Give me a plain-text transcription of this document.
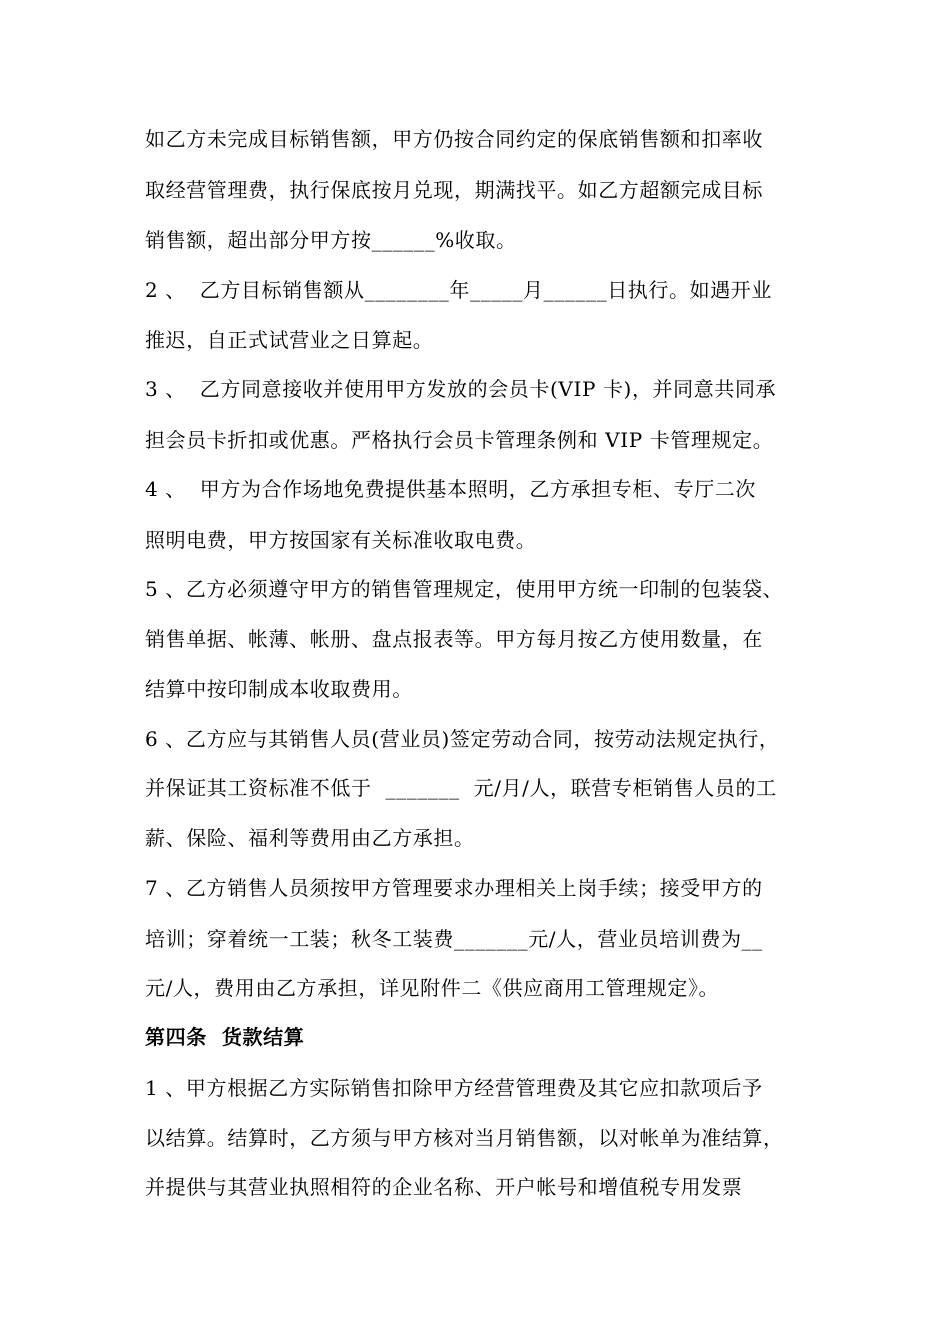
如乙方未完成目标销售额，甲方仍按合同约定的保底销售额和扣率收
取经营管理费，执行保底按月兑现，期满找平。如乙方超额完成目标
销售额，超出部分甲方按______%收取。
2 、  乙方目标销售额从________年_____月______日执行。如遇开业
推迟，自正式试营业之日算起。
3 、  乙方同意接收并使用甲方发放的会员卡(VIP 卡)，并同意共同承
担会员卡折扣或优惠。严格执行会员卡管理条例和 VIP 卡管理规定。
4 、  甲方为合作场地免费提供基本照明，乙方承担专柜、专厅二次
照明电费，甲方按国家有关标准收取电费。
5 、乙方必须遵守甲方的销售管理规定，使用甲方统一印制的包装袋、
销售单据、帐薄、帐册、盘点报表等。甲方每月按乙方使用数量，在
结算中按印制成本收取费用。
6 、乙方应与其销售人员(营业员)签定劳动合同，按劳动法规定执行，
并保证其工资标准不低于  _______  元/月/人，联营专柜销售人员的工
薪、保险、福利等费用由乙方承担。
7 、乙方销售人员须按甲方管理要求办理相关上岗手续；接受甲方的
培训；穿着统一工装；秋冬工装费_______元/人，营业员培训费为__
元/人，费用由乙方承担，详见附件二《供应商用工管理规定》。
第四条  货款结算
1 、甲方根据乙方实际销售扣除甲方经营管理费及其它应扣款项后予
以结算。结算时，乙方须与甲方核对当月销售额，以对帐单为准结算，
并提供与其营业执照相符的企业名称、开户帐号和增值税专用发票
